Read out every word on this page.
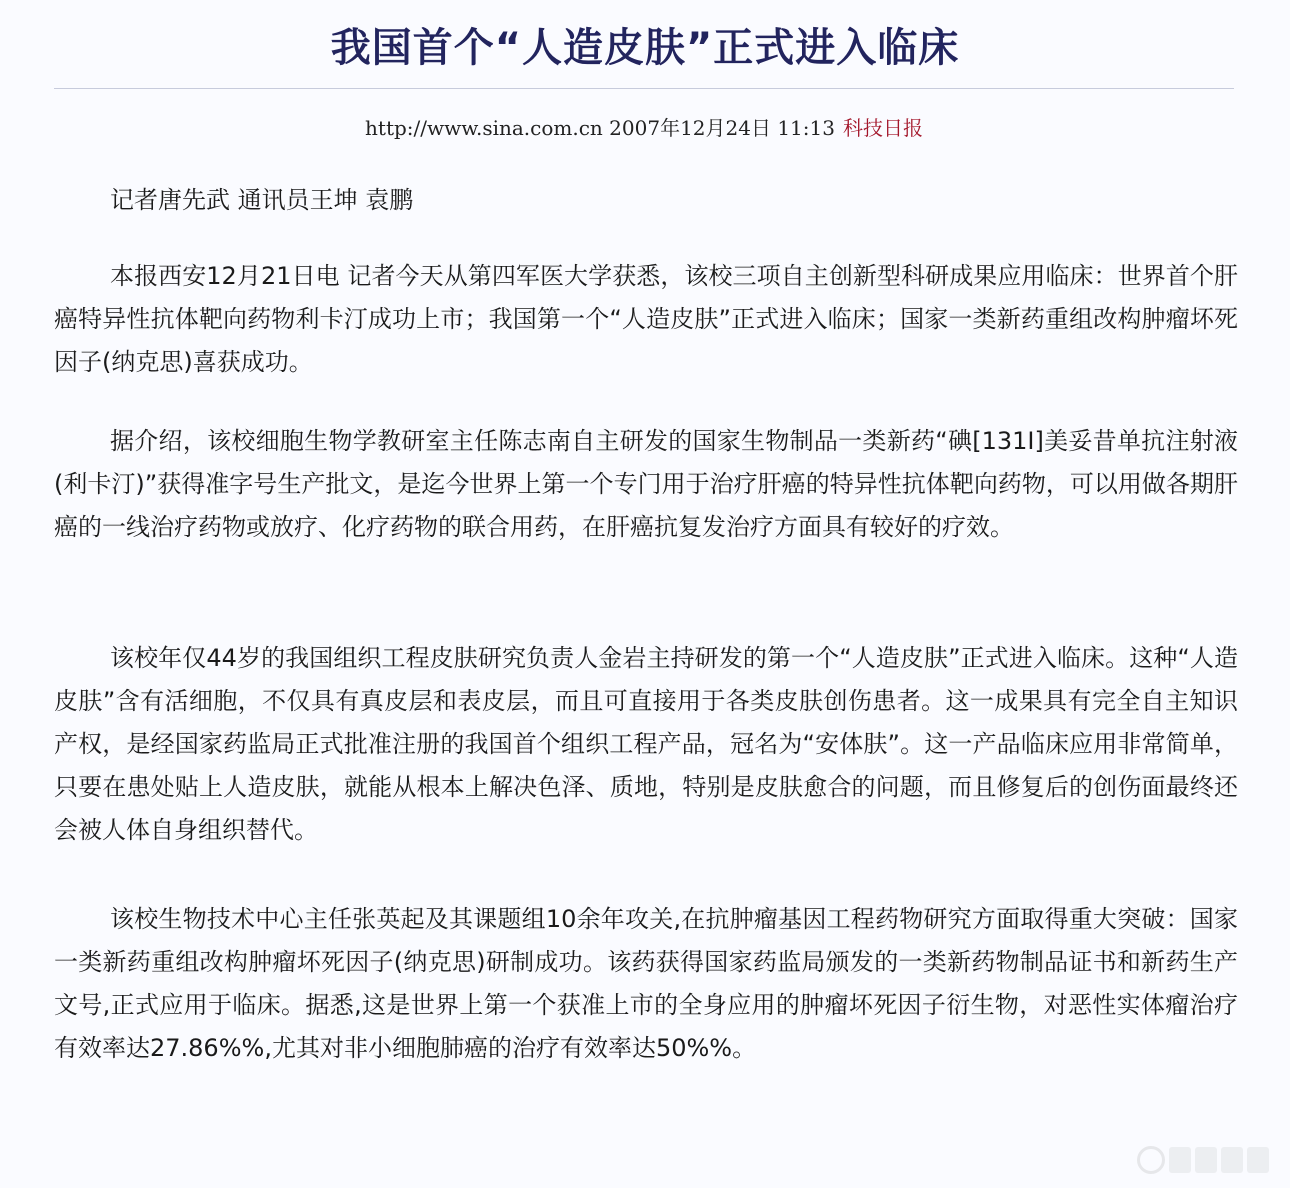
我国首个“人造皮肤”正式进入临床
http://www.sina.com.cn 2007年12月24日 11:13 科技日报

记者唐先武 通讯员王坤 袁鹏

本报西安12月21日电 记者今天从第四军医大学获悉，该校三项自主创新型科研成果应用临床：世界首个肝癌特异性抗体靶向药物利卡汀成功上市；我国第一个“人造皮肤”正式进入临床；国家一类新药重组改构肿瘤坏死因子(纳克思)喜获成功。

据介绍，该校细胞生物学教研室主任陈志南自主研发的国家生物制品一类新药“碘[131I]美妥昔单抗注射液(利卡汀)”获得准字号生产批文，是迄今世界上第一个专门用于治疗肝癌的特异性抗体靶向药物，可以用做各期肝癌的一线治疗药物或放疗、化疗药物的联合用药，在肝癌抗复发治疗方面具有较好的疗效。

该校年仅44岁的我国组织工程皮肤研究负责人金岩主持研发的第一个“人造皮肤”正式进入临床。这种“人造皮肤”含有活细胞，不仅具有真皮层和表皮层，而且可直接用于各类皮肤创伤患者。这一成果具有完全自主知识产权，是经国家药监局正式批准注册的我国首个组织工程产品，冠名为“安体肤”。这一产品临床应用非常简单，只要在患处贴上人造皮肤，就能从根本上解决色泽、质地，特别是皮肤愈合的问题，而且修复后的创伤面最终还会被人体自身组织替代。

该校生物技术中心主任张英起及其课题组10余年攻关,在抗肿瘤基因工程药物研究方面取得重大突破：国家一类新药重组改构肿瘤坏死因子(纳克思)研制成功。该药获得国家药监局颁发的一类新药物制品证书和新药生产文号,正式应用于临床。据悉,这是世界上第一个获准上市的全身应用的肿瘤坏死因子衍生物，对恶性实体瘤治疗有效率达27.86%%,尤其对非小细胞肺癌的治疗有效率达50%%。
